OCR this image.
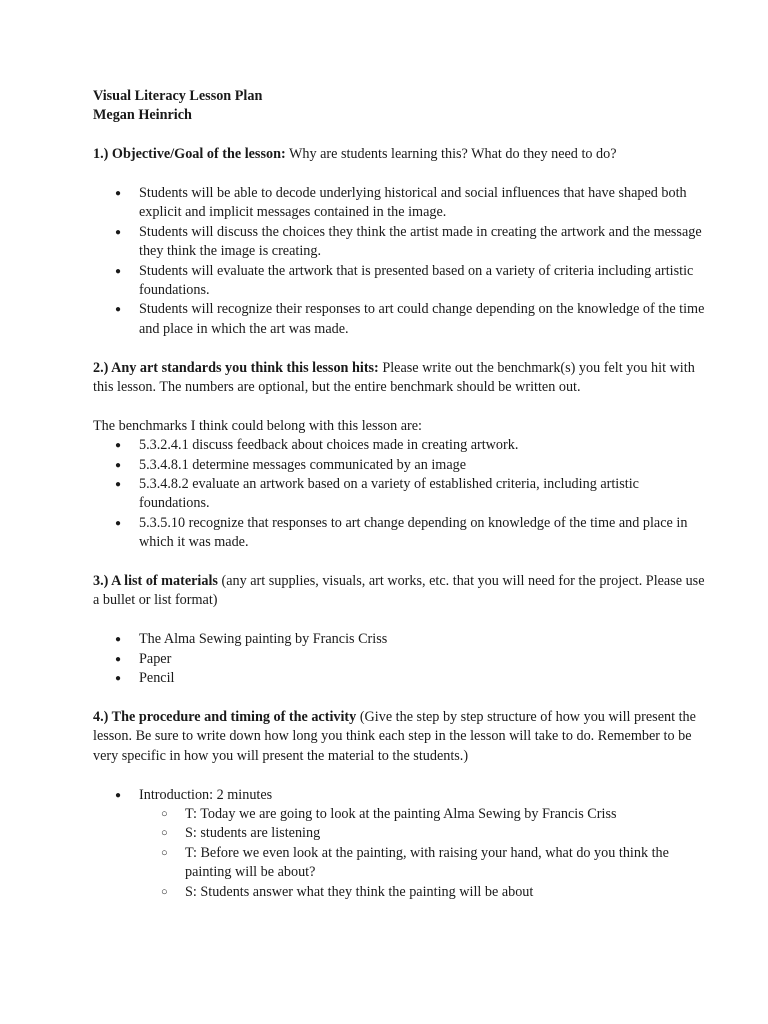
Visual Literacy Lesson Plan

Megan Heinrich

1.) Objective/Goal of the lesson: Why are students learning this? What do they need to do?

● Students will be able to decode underlying historical and social influences that have shaped both explicit and implicit messages contained in the image.
● Students will discuss the choices they think the artist made in creating the artwork and the message they think the image is creating.
● Students will evaluate the artwork that is presented based on a variety of criteria including artistic foundations.
● Students will recognize their responses to art could change depending on the knowledge of the time and place in which the art was made.

2.) Any art standards you think this lesson hits: Please write out the benchmark(s) you felt you hit with this lesson. The numbers are optional, but the entire benchmark should be written out.

The benchmarks I think could belong with this lesson are:

● 5.3.2.4.1 discuss feedback about choices made in creating artwork.
● 5.3.4.8.1 determine messages communicated by an image
● 5.3.4.8.2 evaluate an artwork based on a variety of established criteria, including artistic foundations.
● 5.3.5.10 recognize that responses to art change depending on knowledge of the time and place in which it was made.

3.) A list of materials (any art supplies, visuals, art works, etc. that you will need for the project. Please use a bullet or list format)

● The Alma Sewing painting by Francis Criss
● Paper
● Pencil

4.) The procedure and timing of the activity (Give the step by step structure of how you will present the lesson. Be sure to write down how long you think each step in the lesson will take to do. Remember to be very specific in how you will present the material to the students.)

● Introduction: 2 minutes
○ T: Today we are going to look at the painting Alma Sewing by Francis Criss
○ S: students are listening
○ T: Before we even look at the painting, with raising your hand, what do you think the painting will be about?
○ S: Students answer what they think the painting will be about
